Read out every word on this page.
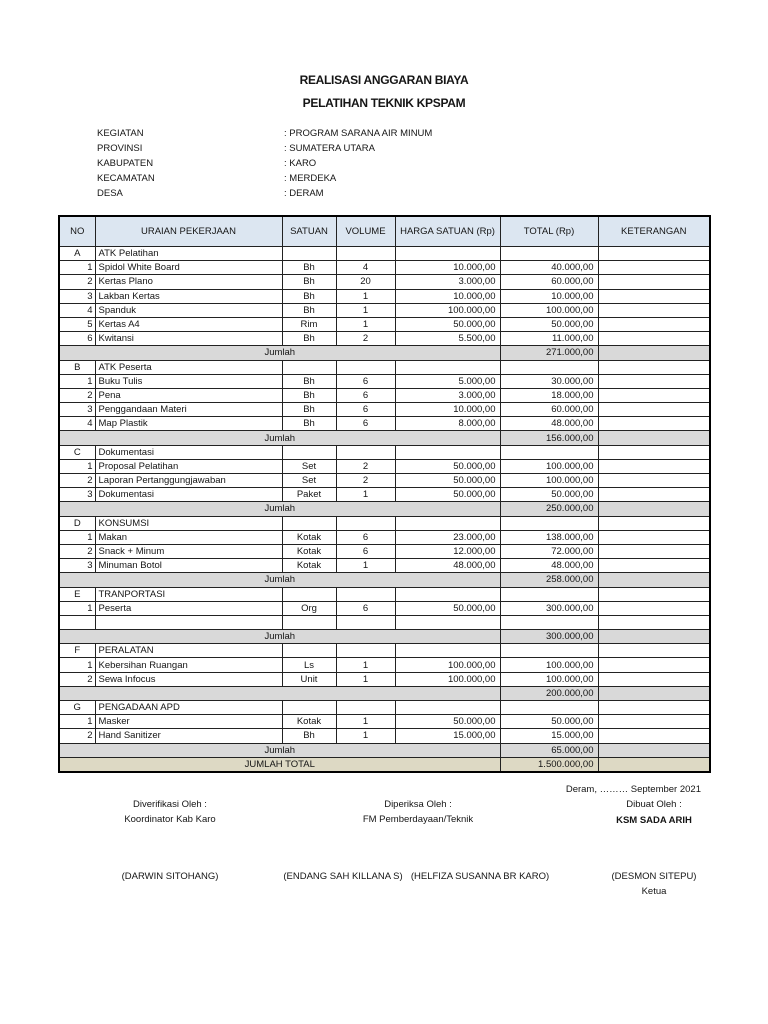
REALISASI ANGGARAN BIAYA
PELATIHAN TEKNIK KPSPAM
KEGIATAN	: PROGRAM SARANA AIR MINUM
PROVINSI	: SUMATERA UTARA
KABUPATEN	: KARO
KECAMATAN	: MERDEKA
DESA	: DERAM
NO	URAIAN PEKERJAAN	SATUAN	VOLUME	HARGA SATUAN (Rp)	TOTAL (Rp)	KETERANGAN
A	ATK Pelatihan					
1	Spidol White Board	Bh	4	10.000,00	40.000,00	
2	Kertas Plano	Bh	20	3.000,00	60.000,00	
3	Lakban Kertas	Bh	1	10.000,00	10.000,00	
4	Spanduk	Bh	1	100.000,00	100.000,00	
5	Kertas A4	Rim	1	50.000,00	50.000,00	
6	Kwitansi	Bh	2	5.500,00	11.000,00	
Jumlah					271.000,00	
B	ATK Peserta					
1	Buku Tulis	Bh	6	5.000,00	30.000,00	
2	Pena	Bh	6	3.000,00	18.000,00	
3	Penggandaan Materi	Bh	6	10.000,00	60.000,00	
4	Map Plastik	Bh	6	8.000,00	48.000,00	
Jumlah					156.000,00	
C	Dokumentasi					
1	Proposal Pelatihan	Set	2	50.000,00	100.000,00	
2	Laporan Pertanggungjawaban	Set	2	50.000,00	100.000,00	
3	Dokumentasi	Paket	1	50.000,00	50.000,00	
Jumlah					250.000,00	
D	KONSUMSI					
1	Makan	Kotak	6	23.000,00	138.000,00	
2	Snack + Minum	Kotak	6	12.000,00	72.000,00	
3	Minuman Botol	Kotak	1	48.000,00	48.000,00	
Jumlah					258.000,00	
E	TRANPORTASI					
1	Peserta	Org	6	50.000,00	300.000,00	

Jumlah					300.000,00	
F	PERALATAN					
1	Kebersihan Ruangan	Ls	1	100.000,00	100.000,00	
2	Sewa Infocus	Unit	1	100.000,00	100.000,00	
					200.000,00	
G	PENGADAAN APD					
1	Masker	Kotak	1	50.000,00	50.000,00	
2	Hand Sanitizer	Bh	1	15.000,00	15.000,00	
Jumlah					65.000,00	
JUMLAH TOTAL					1.500.000,00	
Deram, ……… September 2021
Diverifikasi Oleh :
Koordinator Kab Karo
Diperiksa Oleh :
FM Pemberdayaan/Teknik
Dibuat Oleh :
KSM SADA ARIH
(DARWIN SITOHANG)	(ENDANG SAH KILLANA S) (HELFIZA SUSANNA BR KARO)	(DESMON SITEPU)
Ketua
